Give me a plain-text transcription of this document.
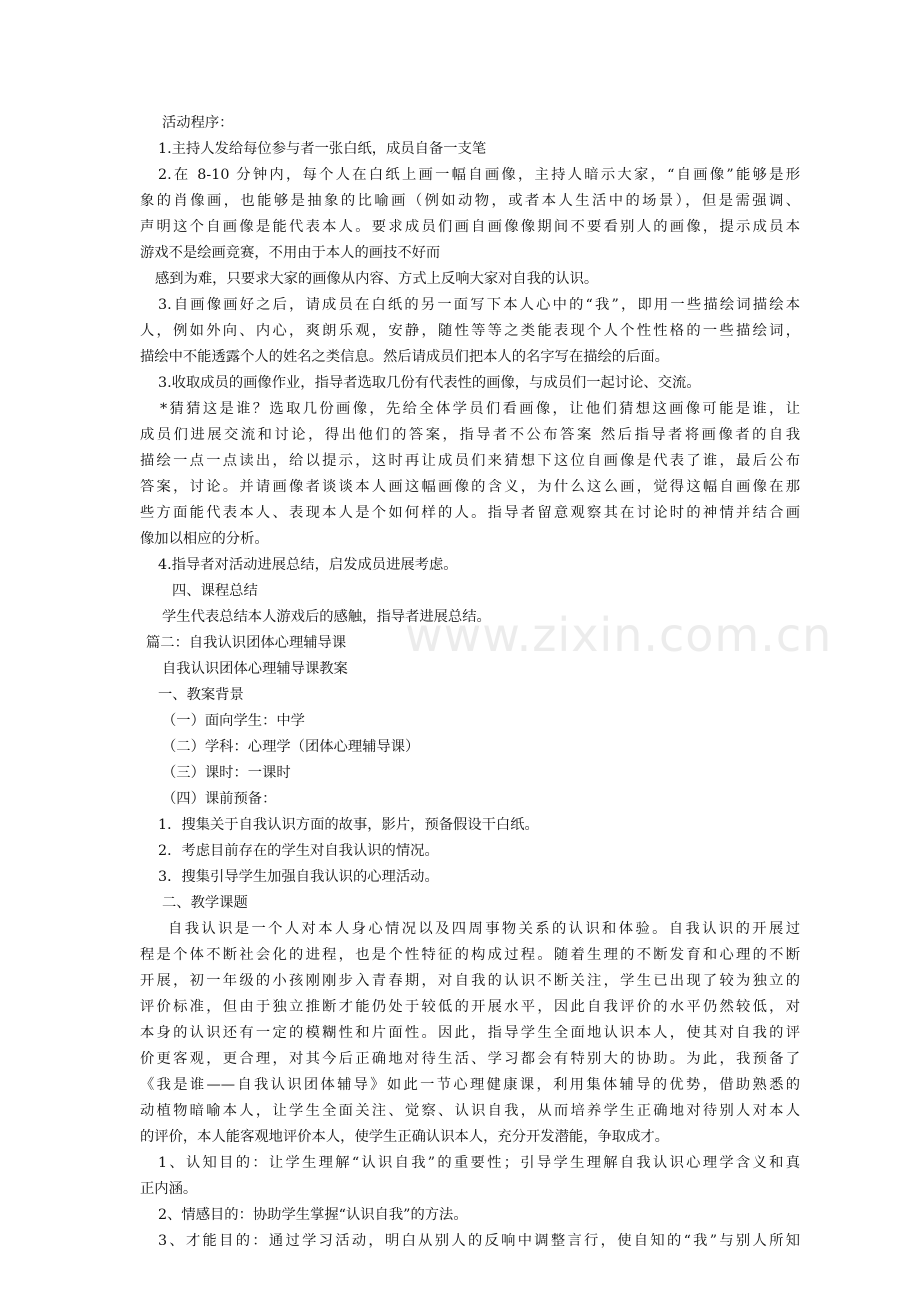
www.zixin.com.cn
活动程序：
1.主持人发给每位参与者一张白纸，成员自备一支笔
2.在 8-10 分钟内，每个人在白纸上画一幅自画像，主持人暗示大家，“自画像”能够是形
象的肖像画，也能够是抽象的比喻画（例如动物，或者本人生活中的场景），但是需强调、
声明这个自画像是能代表本人。要求成员们画自画像像期间不要看别人的画像，提示成员本
游戏不是绘画竞赛，不用由于本人的画技不好而
感到为难，只要求大家的画像从内容、方式上反响大家对自我的认识。
3.自画像画好之后，请成员在白纸的另一面写下本人心中的“我”，即用一些描绘词描绘本
人，例如外向、内心，爽朗乐观，安静，随性等等之类能表现个人个性性格的一些描绘词，
描绘中不能透露个人的姓名之类信息。然后请成员们把本人的名字写在描绘的后面。
3.收取成员的画像作业，指导者选取几份有代表性的画像，与成员们一起讨论、交流。
*猜猜这是谁？选取几份画像，先给全体学员们看画像，让他们猜想这画像可能是谁，让
成员们进展交流和讨论，得出他们的答案，指导者不公布答案 然后指导者将画像者的自我
描绘一点一点读出，给以提示，这时再让成员们来猜想下这位自画像是代表了谁，最后公布
答案，讨论。并请画像者谈谈本人画这幅画像的含义，为什么这么画，觉得这幅自画像在那
些方面能代表本人、表现本人是个如何样的人。指导者留意观察其在讨论时的神情并结合画
像加以相应的分析。
4.指导者对活动进展总结，启发成员进展考虑。
四、课程总结
学生代表总结本人游戏后的感触，指导者进展总结。
篇二：自我认识团体心理辅导课
自我认识团体心理辅导课教案
一、教案背景
（一）面向学生：中学
（二）学科：心理学（团体心理辅导课）
（三）课时：一课时
（四）课前预备：
1．搜集关于自我认识方面的故事，影片，预备假设干白纸。
2．考虑目前存在的学生对自我认识的情况。
3．搜集引导学生加强自我认识的心理活动。
二、教学课题
自我认识是一个人对本人身心情况以及四周事物关系的认识和体验。自我认识的开展过
程是个体不断社会化的进程，也是个性特征的构成过程。随着生理的不断发育和心理的不断
开展，初一年级的小孩刚刚步入青春期，对自我的认识不断关注，学生已出现了较为独立的
评价标准，但由于独立推断才能仍处于较低的开展水平，因此自我评价的水平仍然较低，对
本身的认识还有一定的模糊性和片面性。因此，指导学生全面地认识本人，使其对自我的评
价更客观，更合理，对其今后正确地对待生活、学习都会有特别大的协助。为此，我预备了
《我是谁——自我认识团体辅导》如此一节心理健康课，利用集体辅导的优势，借助熟悉的
动植物暗喻本人，让学生全面关注、觉察、认识自我，从而培养学生正确地对待别人对本人
的评价，本人能客观地评价本人，使学生正确认识本人，充分开发潜能，争取成才。
1、认知目的：让学生理解“认识自我”的重要性；引导学生理解自我认识心理学含义和真
正内涵。
2、情感目的：协助学生掌握“认识自我”的方法。
3、才能目的：通过学习活动，明白从别人的反响中调整言行，使自知的“我”与别人所知
